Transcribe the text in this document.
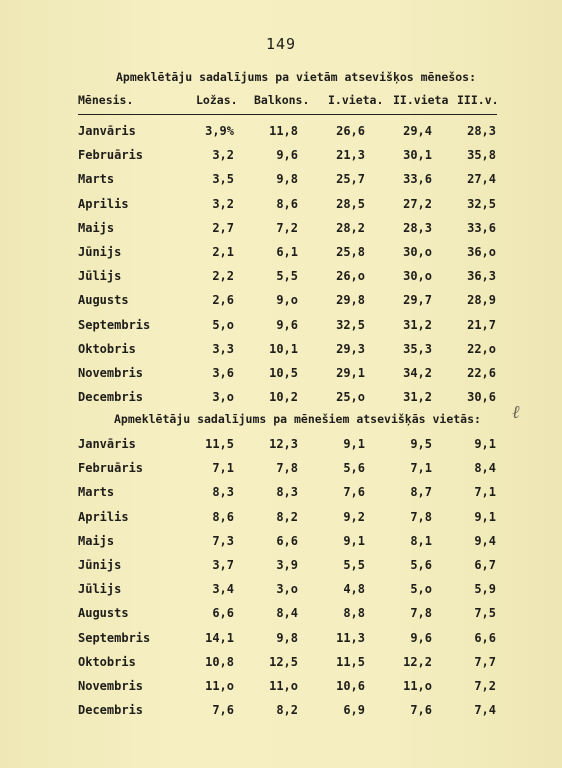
149
Apmeklētāju sadalījums pa vietām atsevišķos mēnešos:
Mēnesis.	Ložas. Balkons. I.vieta. II.vieta III.v.
Janvāris	3,9%	11,8	26,6	29,4	28,3
Februāris	3,2	9,6	21,3	30,1	35,8
Marts	3,5	9,8	25,7	33,6	27,4
Aprilis	3,2	8,6	28,5	27,2	32,5
Maijs	2,7	7,2	28,2	28,3	33,6
Jūnijs	2,1	6,1	25,8	30,o	36,o
Jūlijs	2,2	5,5	26,o	30,o	36,3
Augusts	2,6	9,o	29,8	29,7	28,9
Septembris	5,o	9,6	32,5	31,2	21,7
Oktobris	3,3	10,1	29,3	35,3	22,o
Novembris	3,6	10,5	29,1	34,2	22,6
Decembris	3,o	10,2	25,o	31,2	30,6
Apmeklētāju sadalījums pa mēnešiem atsevišķās vietās:
Janvāris	11,5	12,3	9,1	9,5	9,1
Februāris	7,1	7,8	5,6	7,1	8,4
Marts	8,3	8,3	7,6	8,7	7,1
Aprilis	8,6	8,2	9,2	7,8	9,1
Maijs	7,3	6,6	9,1	8,1	9,4
Jūnijs	3,7	3,9	5,5	5,6	6,7
Jūlijs	3,4	3,o	4,8	5,o	5,9
Augusts	6,6	8,4	8,8	7,8	7,5
Septembris	14,1	9,8	11,3	9,6	6,6
Oktobris	10,8	12,5	11,5	12,2	7,7
Novembris	11,o	11,o	10,6	11,o	7,2
Decembris	7,6	8,2	6,9	7,6	7,4
ℓ
